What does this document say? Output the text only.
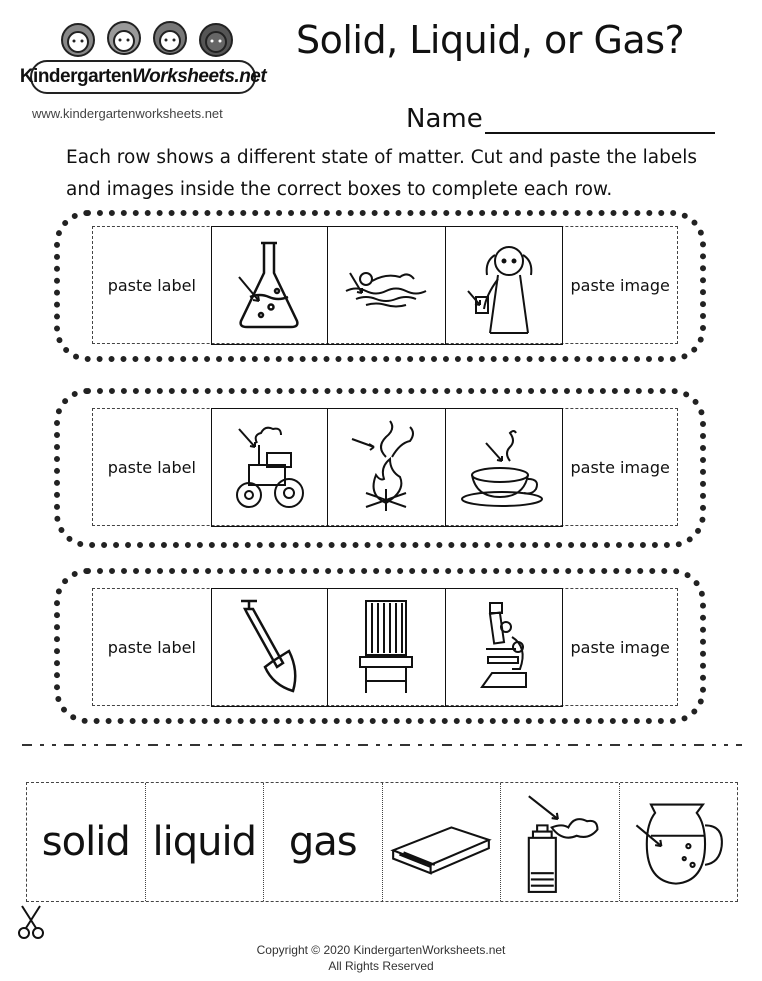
Kindergarten Worksheets.net
www.kindergartenworksheets.net
Solid, Liquid, or Gas?
Name
Each row shows a different state of matter. Cut and paste the labels
and images inside the correct boxes to complete each row.
paste label	paste image
paste label	paste image
paste label	paste image
solid liquid gas
Copyright © 2020 KindergartenWorksheets.net
All Rights Reserved
